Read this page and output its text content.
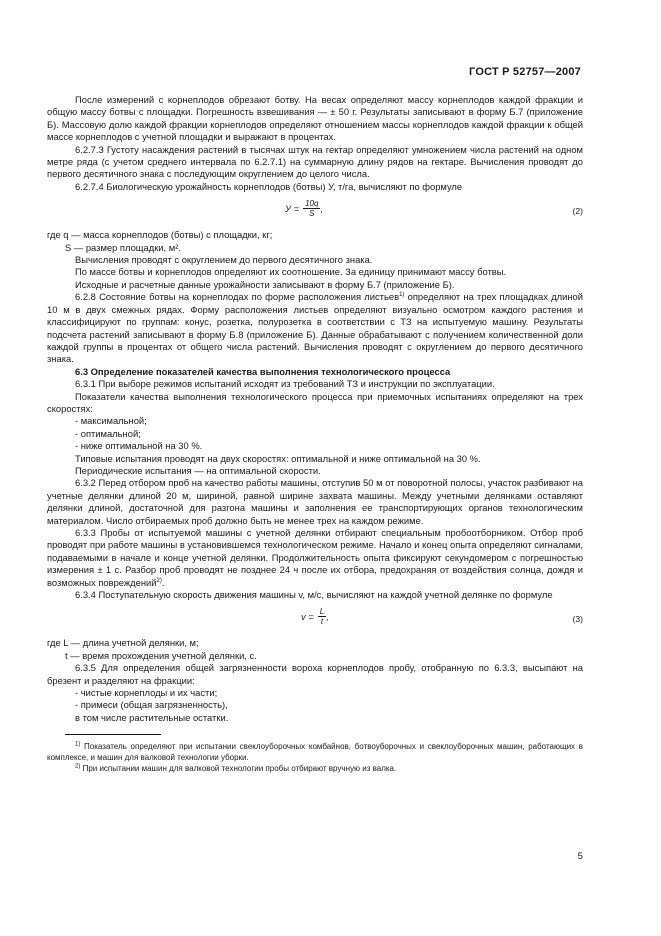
ГОСТ Р 52757—2007

После измерений с корнеплодов обрезают ботву. На весах определяют массу корнеплодов каждой фракции и общую массу ботвы с площадки. Погрешность взвешивания — ± 50 г. Результаты записывают в форму Б.7 (приложение Б). Массовую долю каждой фракции корнеплодов определяют отношением массы корнеплодов каждой фракции к общей массе корнеплодов с учетной площадки и выражают в процентах.

6.2.7.3 Густоту насаждения растений в тысячах штук на гектар определяют умножением числа растений на одном метре ряда (с учетом среднего интервала по 6.2.7.1) на суммарную длину рядов на гектаре. Вычисления проводят до первого десятичного знака с последующим округлением до целого числа.

6.2.7.4 Биологическую урожайность корнеплодов (ботвы) У, т/га, вычисляют по формуле

$У = \frac{10q}{S}$ ,	(2)

где q — масса корнеплодов (ботвы) с площадки, кг;

S — размер площадки, м².

Вычисления проводят с округлением до первого десятичного знака.

По массе ботвы и корнеплодов определяют их соотношение. За единицу принимают массу ботвы.

Исходные и расчетные данные урожайности записывают в форму Б.7 (приложение Б).

6.2.8 Состояние ботвы на корнеплодах по форме расположения листьев$^{1)}$ определяют на трех площадках длиной 10 м в двух смежных рядах. Форму расположения листьев определяют визуально осмотром каждого растения и классифицируют по группам: конус, розетка, полурозетка в соответствии с ТЗ на испытуемую машину. Результаты подсчета растений записывают в форму Б.8 (приложение Б). Данные обрабатывают с получением количественной доли каждой группы в процентах от общего числа растений. Вычисления проводят с округлением до первого десятичного знака.

6.3 Определение показателей качества выполнения технологического процесса

6.3.1 При выборе режимов испытаний исходят из требований ТЗ и инструкции по эксплуатации.

Показатели качества выполнения технологического процесса при приемочных испытаниях определяют на трех скоростях:

- максимальной;

- оптимальной;

- ниже оптимальной на 30 %.

Типовые испытания проводят на двух скоростях: оптимальной и ниже оптимальной на 30 %.

Периодические испытания — на оптимальной скорости.

6.3.2 Перед отбором проб на качество работы машины, отступив 50 м от поворотной полосы, участок разбивают на учетные делянки длиной 20 м, шириной, равной ширине захвата машины. Между учетными делянками оставляют делянки длиной, достаточной для разгона машины и заполнения ее транспортирующих органов технологическим материалом. Число отбираемых проб должно быть не менее трех на каждом режиме.

6.3.3 Пробы от испытуемой машины с учетной делянки отбирают специальным пробоотборником. Отбор проб проводят при работе машины в установившемся технологическом режиме. Начало и конец опыта определяют сигналами, подаваемыми в начале и конце учетной делянки. Продолжительность опыта фиксируют секундомером с погрешностью измерения ± 1 с. Разбор проб проводят не позднее 24 ч после их отбора, предохраняя от воздействия солнца, дождя и возможных повреждений$^{2)}$.

6.3.4 Поступательную скорость движения машины v, м/с, вычисляют на каждой учетной делянке по формуле

$v = \frac{L}{t}$ ,	(3)

где L — длина учетной делянки, м;

t — время прохождения учетной делянки, с.

6.3.5 Для определения общей загрязненности вороха корнеплодов пробу, отобранную по 6.3.3, высыпают на брезент и разделяют на фракции:

- чистые корнеплоды и их части;

- примеси (общая загрязненность),

в том числе растительные остатки.

$^{1)}$ Показатель определяют при испытании свеклоуборочных комбайнов, ботвоуборочных и свеклоуборочных машин, работающих в комплексе, и машин для валковой технологии уборки.

$^{2)}$ При испытании машин для валковой технологии пробы отбирают вручную из валка.

5
